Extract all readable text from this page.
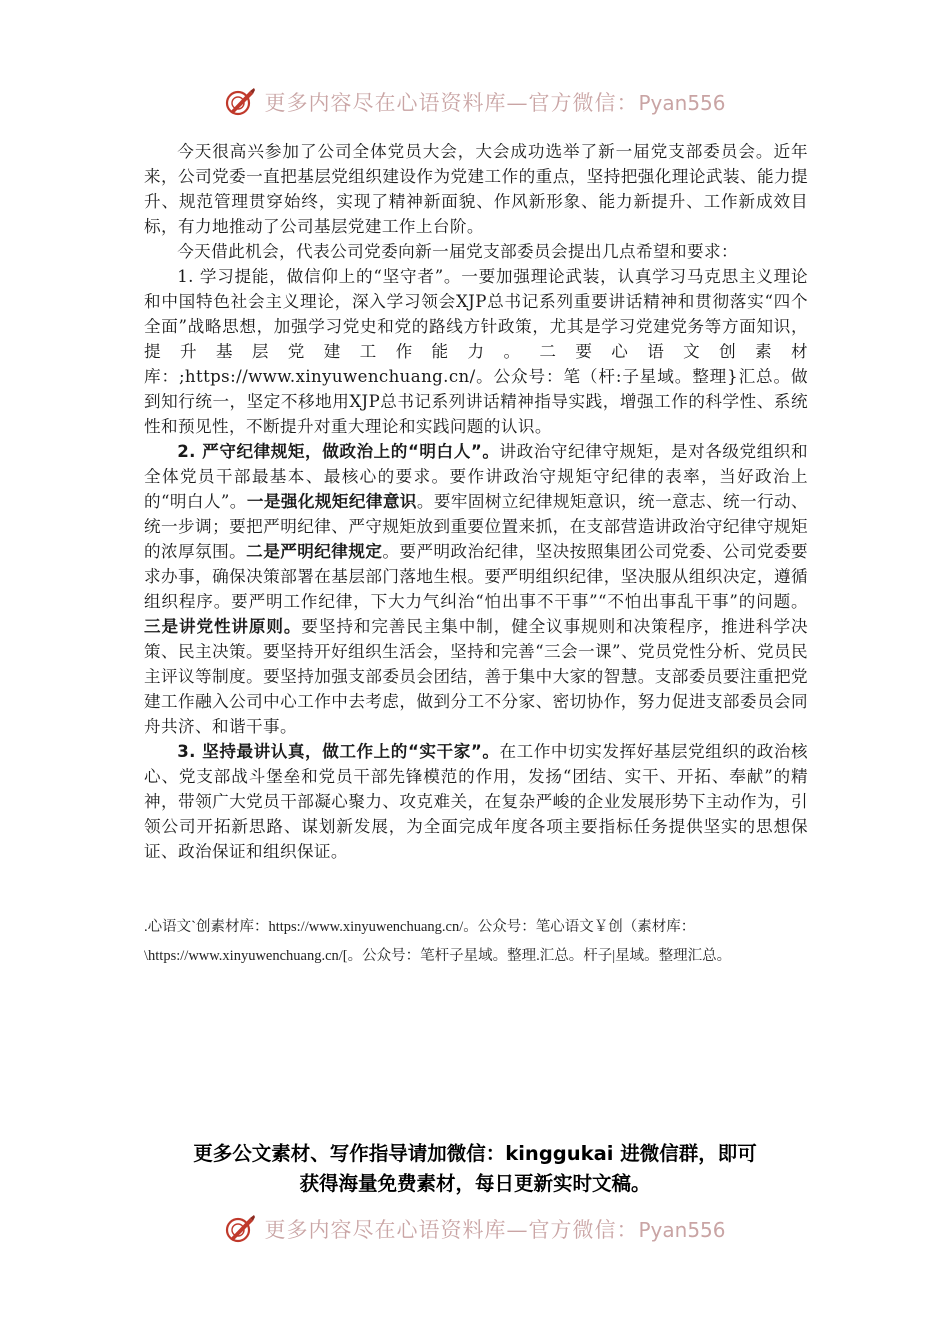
更多内容尽在心语资料库—官方微信：Pyan556

今天很高兴参加了公司全体党员大会，大会成功选举了新一届党支部委员会。近年来，公司党委一直把基层党组织建设作为党建工作的重点，坚持把强化理论武装、能力提升、规范管理贯穿始终，实现了精神新面貌、作风新形象、能力新提升、工作新成效目标，有力地推动了公司基层党建工作上台阶。

今天借此机会，代表公司党委向新一届党支部委员会提出几点希望和要求：

1. 学习提能，做信仰上的“坚守者”。一要加强理论武装，认真学习马克思主义理论和中国特色社会主义理论，深入学习领会XJP总书记系列重要讲话精神和贯彻落实“四个全面”战略思想，加强学习党史和党的路线方针政策，尤其是学习党建党务等方面知识，提升基层党建工作能力。二要心语文创素材库：;https://www.xinyuwenchuang.cn/。公众号：笔（杆:子星域。整理}汇总。做到知行统一，坚定不移地用XJP总书记系列讲话精神指导实践，增强工作的科学性、系统性和预见性，不断提升对重大理论和实践问题的认识。

2. 严守纪律规矩，做政治上的“明白人”。讲政治守纪律守规矩，是对各级党组织和全体党员干部最基本、最核心的要求。要作讲政治守规矩守纪律的表率，当好政治上的“明白人”。一是强化规矩纪律意识。要牢固树立纪律规矩意识，统一意志、统一行动、统一步调；要把严明纪律、严守规矩放到重要位置来抓，在支部营造讲政治守纪律守规矩的浓厚氛围。二是严明纪律规定。要严明政治纪律，坚决按照集团公司党委、公司党委要求办事，确保决策部署在基层部门落地生根。要严明组织纪律，坚决服从组织决定，遵循组织程序。要严明工作纪律，下大力气纠治“怕出事不干事”“不怕出事乱干事”的问题。三是讲党性讲原则。要坚持和完善民主集中制，健全议事规则和决策程序，推进科学决策、民主决策。要坚持开好组织生活会，坚持和完善“三会一课”、党员党性分析、党员民主评议等制度。要坚持加强支部委员会团结，善于集中大家的智慧。支部委员要注重把党建工作融入公司中心工作中去考虑，做到分工不分家、密切协作，努力促进支部委员会同舟共济、和谐干事。

3. 坚持最讲认真，做工作上的“实干家”。在工作中切实发挥好基层党组织的政治核心、党支部战斗堡垒和党员干部先锋模范的作用，发扬“团结、实干、开拓、奉献”的精神，带领广大党员干部凝心聚力、攻克难关，在复杂严峻的企业发展形势下主动作为，引领公司开拓新思路、谋划新发展，为全面完成年度各项主要指标任务提供坚实的思想保证、政治保证和组织保证。

.心语文`创素材库：https://www.xinyuwenchuang.cn/。公众号：笔心语文￥创（素材库：
\https://www.xinyuwenchuang.cn/[。公众号：笔杆子星域。整理.汇总。杆子|星域。整理汇总。
更多公文素材、写作指导请加微信：kinggukai 进微信群，即可
获得海量免费素材，每日更新实时文稿。
更多内容尽在心语资料库—官方微信：Pyan556
